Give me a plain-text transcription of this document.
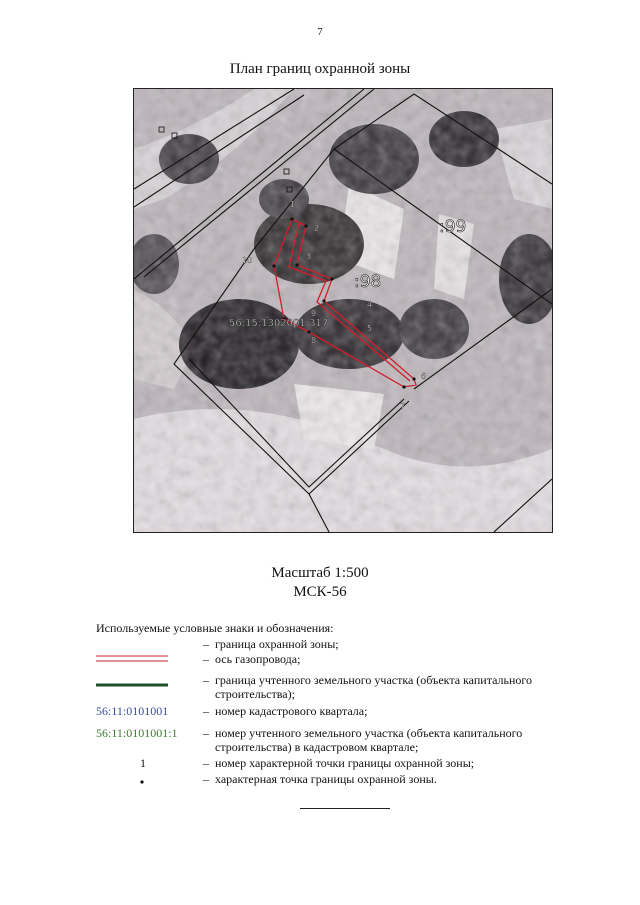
7
План границ охранной зоны
:99
:98
56:15:1302001:317
1
2
3
4
5
6
7
8
9
10
Масштаб 1:500
МСК-56
Используемые условные знаки и обозначения:
– граница охранной зоны;
– ось газопровода;
– граница учтенного земельного участка (объекта капитального строительства);
56:11:0101001	– номер кадастрового квартала;
56:11:0101001:1	– номер учтенного земельного участка (объекта капитального строительства) в кадастровом квартале;
1	– номер характерной точки границы охранной зоны;
– характерная точка границы охранной зоны.
